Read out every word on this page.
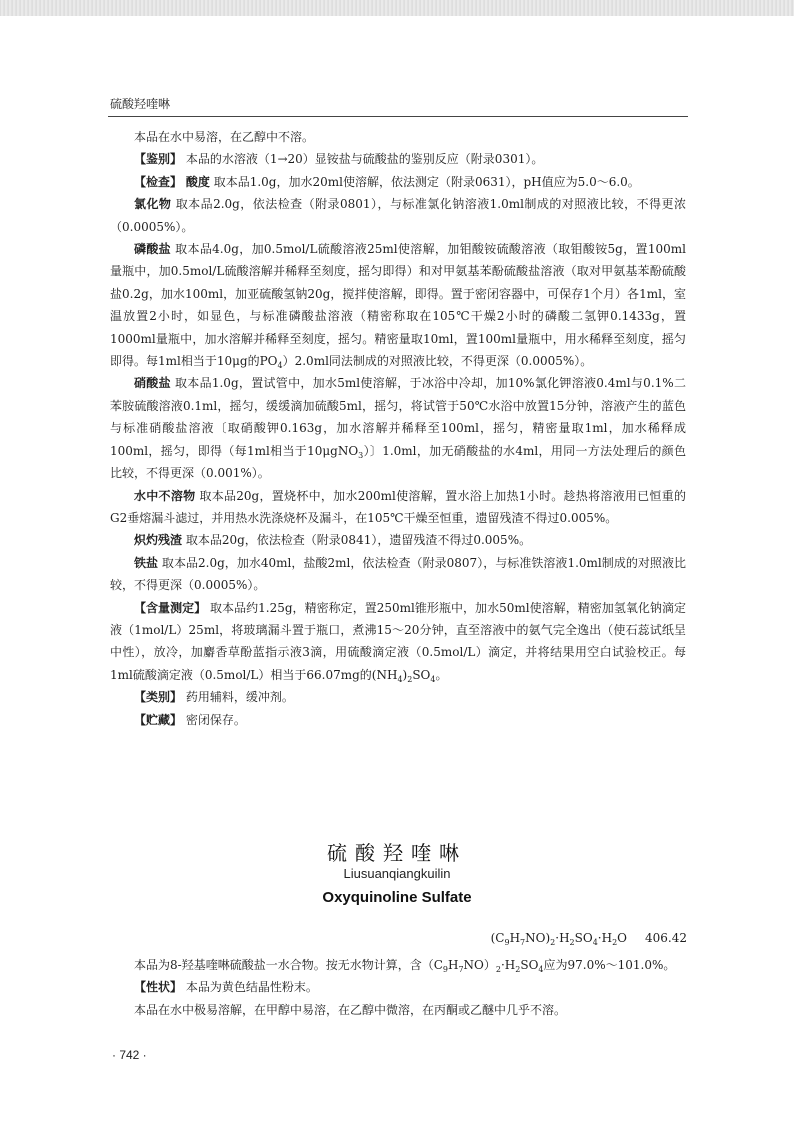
硫酸羟喹啉

本品在水中易溶，在乙醇中不溶。

【鉴别】 本品的水溶液（1→20）显铵盐与硫酸盐的鉴别反应（附录0301）。

【检查】 酸度 取本品1.0g，加水20ml使溶解，依法测定（附录0631），pH值应为5.0～6.0。

氯化物 取本品2.0g，依法检查（附录0801），与标准氯化钠溶液1.0ml制成的对照液比较，不得更浓（0.0005%）。

磷酸盐 取本品4.0g，加0.5mol/L硫酸溶液25ml使溶解，加钼酸铵硫酸溶液（取钼酸铵5g，置100ml量瓶中，加0.5mol/L硫酸溶解并稀释至刻度，摇匀即得）和对甲氨基苯酚硫酸盐溶液（取对甲氨基苯酚硫酸盐0.2g，加水100ml，加亚硫酸氢钠20g，搅拌使溶解，即得。置于密闭容器中，可保存1个月）各1ml，室温放置2小时，如显色，与标准磷酸盐溶液（精密称取在105℃干燥2小时的磷酸二氢钾0.1433g，置1000ml量瓶中，加水溶解并稀释至刻度，摇匀。精密量取10ml，置100ml量瓶中，用水稀释至刻度，摇匀即得。每1ml相当于10μg的$PO_4)2.0ml$同法制成的对照液比较，不得更深（0.0005%）。

硝酸盐 取本品1.0g，置试管中，加水5ml使溶解，于冰浴中冷却，加10%氯化钾溶液0.4ml与0.1%二苯胺硫酸溶液0.1ml，摇匀，缓缓滴加硫酸5ml，摇匀，将试管于50℃水浴中放置15分钟，溶液产生的蓝色与标准硝酸盐溶液〔取硝酸钾0.163g，加水溶解并稀释至100ml，摇匀，精密量取1ml，加水稀释成100ml，摇匀，即得（每1ml相当于10μgNO$_3$）〕1.0ml，加无硝酸盐的水4ml，用同一方法处理后的颜色比较，不得更深（0.001%）。

水中不溶物 取本品20g，置烧杯中，加水200ml使溶解，置水浴上加热1小时。趁热将溶液用已恒重的G2垂熔漏斗滤过，并用热水洗涤烧杯及漏斗，在105℃干燥至恒重，遗留残渣不得过0.005%。

炽灼残渣 取本品20g，依法检查（附录0841），遗留残渣不得过0.005%。

铁盐 取本品2.0g，加水40ml，盐酸2ml，依法检查（附录0807），与标准铁溶液1.0ml制成的对照液比较，不得更深（0.0005%）。

【含量测定】 取本品约1.25g，精密称定，置250ml锥形瓶中，加水50ml使溶解，精密加氢氧化钠滴定液（1mol/L）25ml，将玻璃漏斗置于瓶口，煮沸15～20分钟，直至溶液中的氨气完全逸出（使石蕊试纸呈中性），放冷，加麝香草酚蓝指示液3滴，用硫酸滴定液（0.5mol/L）滴定，并将结果用空白试验校正。每1ml硫酸滴定液（0.5mol/L）相当于66.07mg的$(NH_4)_2SO_4$。

【类别】 药用辅料，缓冲剂。

【贮藏】 密闭保存。

硫酸羟喹啉
Liusuanqiangkuilin
Oxyquinoline Sulfate
$(C_9H_7NO)_2\cdot H_2SO_4\cdot H_2O$ 406.42

本品为8-羟基喹啉硫酸盐一水合物。按无水物计算，含$(C_9H_7NO)_2\cdot H_2SO_4$应为97.0%～101.0%。

【性状】 本品为黄色结晶性粉末。

本品在水中极易溶解，在甲醇中易溶，在乙醇中微溶，在丙酮或乙醚中几乎不溶。

· 742 ·
